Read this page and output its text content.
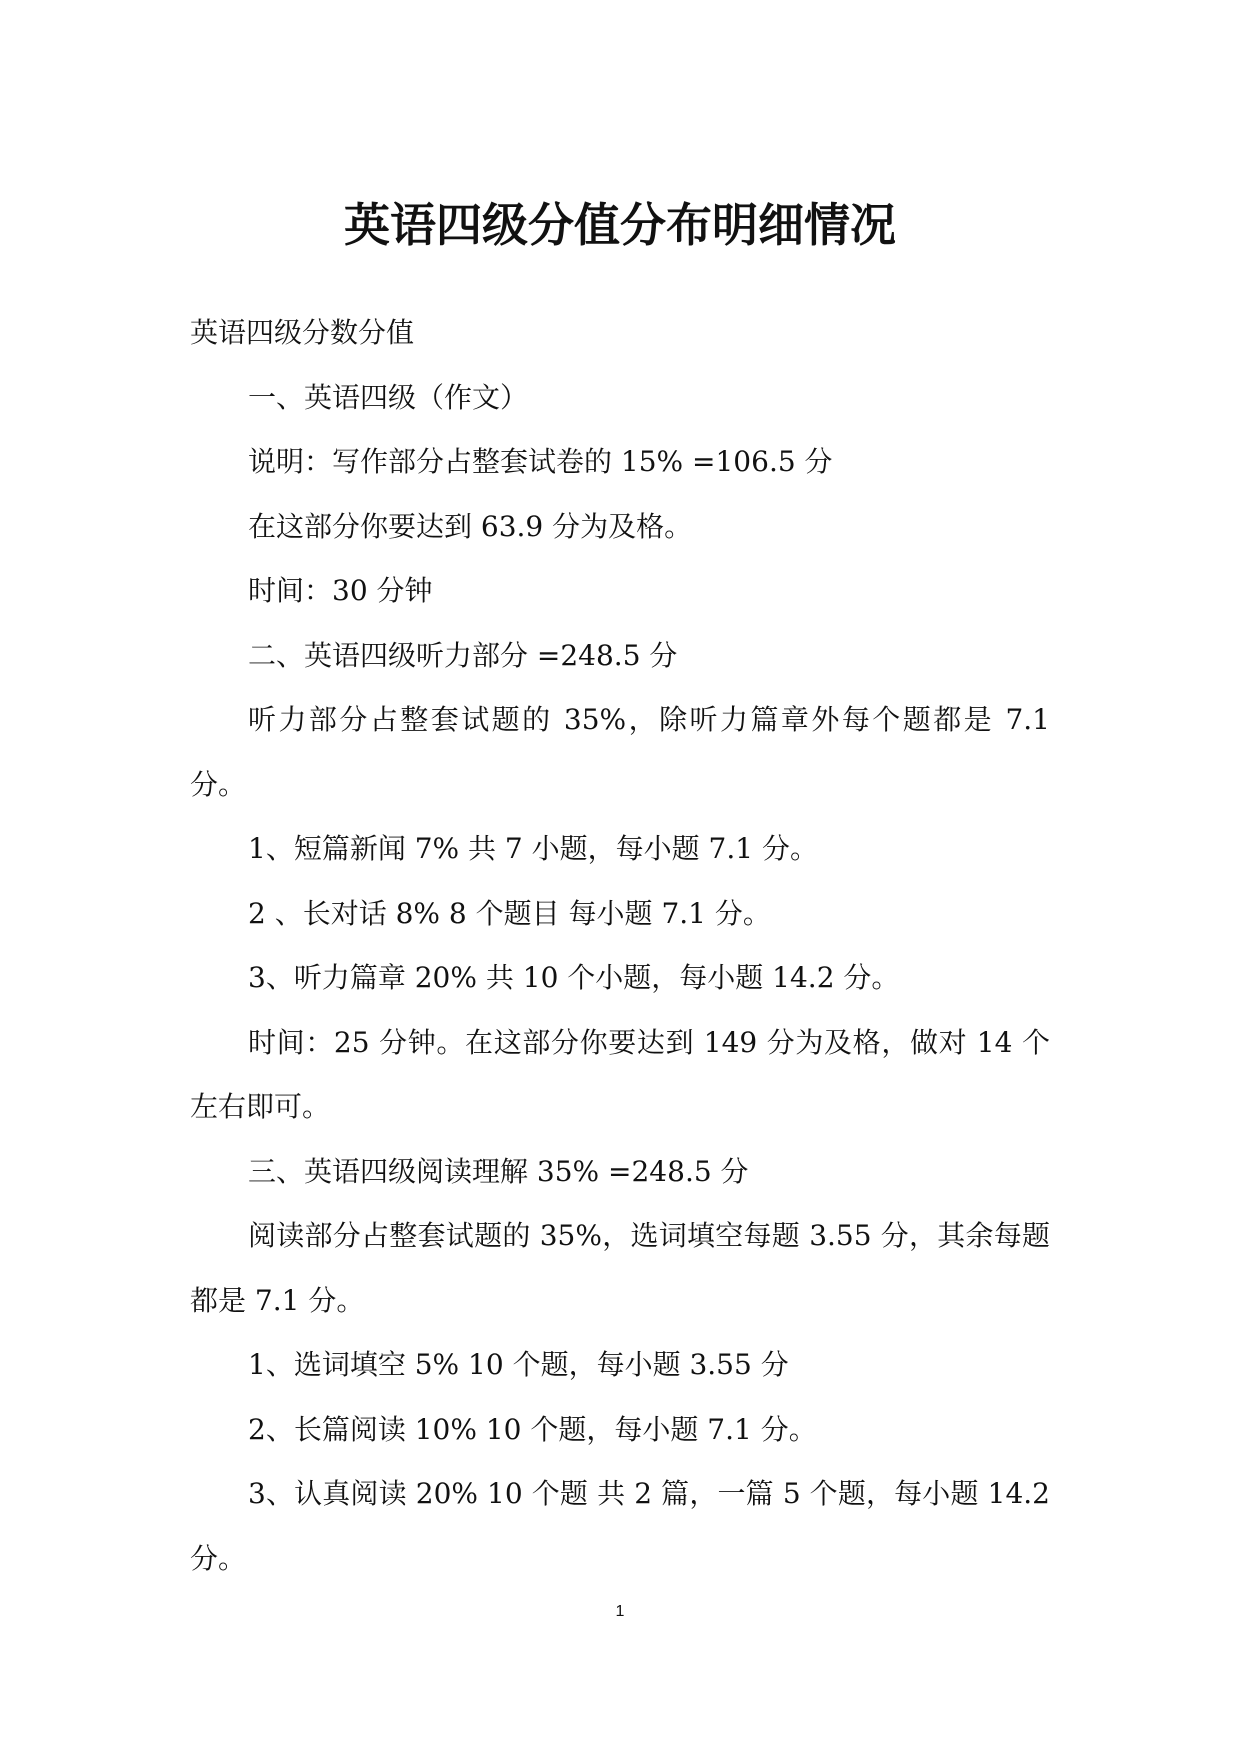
英语四级分值分布明细情况
英语四级分数分值
一、英语四级（作文）
说明：写作部分占整套试卷的 15% =106.5 分
在这部分你要达到 63.9 分为及格。
时间：30 分钟
二、英语四级听力部分 =248.5 分
听力部分占整套试题的 35%，除听力篇章外每个题都是 7.1
分。
1、短篇新闻 7% 共 7 小题，每小题 7.1 分。
2 、长对话 8% 8 个题目 每小题 7.1 分。
3、听力篇章 20% 共 10 个小题，每小题 14.2 分。
时间：25 分钟。在这部分你要达到 149 分为及格，做对 14 个
左右即可。
三、英语四级阅读理解 35% =248.5 分
阅读部分占整套试题的 35%，选词填空每题 3.55 分，其余每题
都是 7.1 分。
1、选词填空 5% 10 个题，每小题 3.55 分
2、长篇阅读 10% 10 个题，每小题 7.1 分。
3、认真阅读 20% 10 个题 共 2 篇，一篇 5 个题，每小题 14.2
分。
1
